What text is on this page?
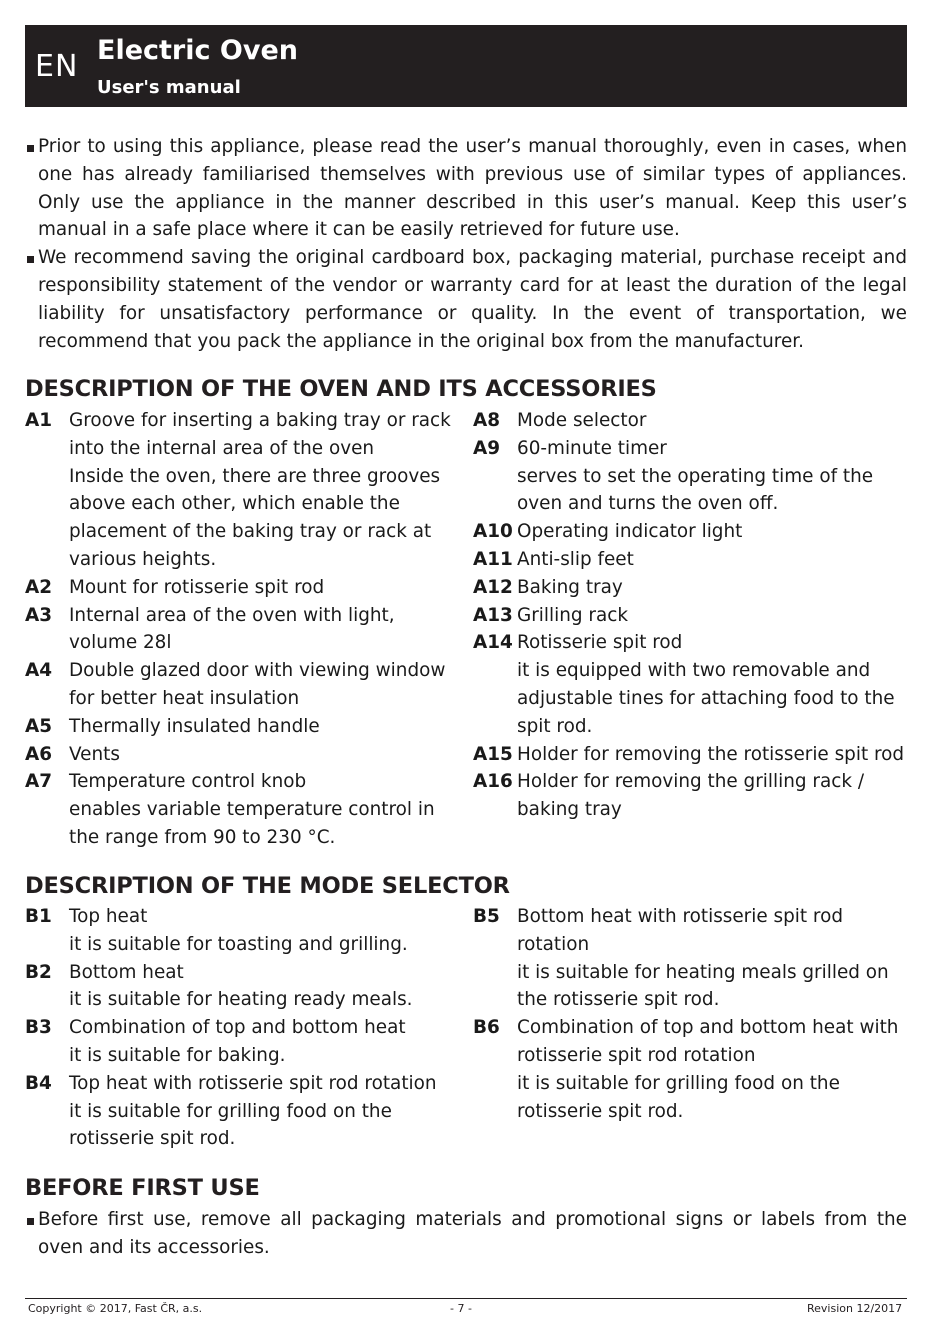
EN Electric Oven
User's manual
Prior to using this appliance, please read the user’s manual thoroughly, even in cases, when one has already familiarised themselves with previous use of similar types of appliances. Only use the appliance in the manner described in this user’s manual. Keep this user’s manual in a safe place where it can be easily retrieved for future use.
We recommend saving the original cardboard box, packaging material, purchase receipt and responsibility statement of the vendor or warranty card for at least the duration of the legal liability for unsatisfactory performance or quality. In the event of transportation, we recommend that you pack the appliance in the original box from the manufacturer.
DESCRIPTION OF THE OVEN AND ITS ACCESSORIES
A1 Groove for inserting a baking tray or rack
into the internal area of the oven
Inside the oven, there are three grooves
above each other, which enable the
placement of the baking tray or rack at
various heights.
A2 Mount for rotisserie spit rod
A3 Internal area of the oven with light,
volume 28l
A4 Double glazed door with viewing window
for better heat insulation
A5 Thermally insulated handle
A6 Vents
A7 Temperature control knob
enables variable temperature control in
the range from 90 to 230 °C.
A8 Mode selector
A9 60-minute timer
serves to set the operating time of the
oven and turns the oven off.
A10 Operating indicator light
A11 Anti-slip feet
A12 Baking tray
A13 Grilling rack
A14 Rotisserie spit rod
it is equipped with two removable and
adjustable tines for attaching food to the
spit rod.
A15 Holder for removing the rotisserie spit rod
A16 Holder for removing the grilling rack /
baking tray
DESCRIPTION OF THE MODE SELECTOR
B1 Top heat
it is suitable for toasting and grilling.
B2 Bottom heat
it is suitable for heating ready meals.
B3 Combination of top and bottom heat
it is suitable for baking.
B4 Top heat with rotisserie spit rod rotation
it is suitable for grilling food on the
rotisserie spit rod.
B5 Bottom heat with rotisserie spit rod
rotation
it is suitable for heating meals grilled on
the rotisserie spit rod.
B6 Combination of top and bottom heat with
rotisserie spit rod rotation
it is suitable for grilling food on the
rotisserie spit rod.
BEFORE FIRST USE
Before first use, remove all packaging materials and promotional signs or labels from the oven and its accessories.
Copyright © 2017, Fast ČR, a.s.	- 7 -	Revision 12/2017
